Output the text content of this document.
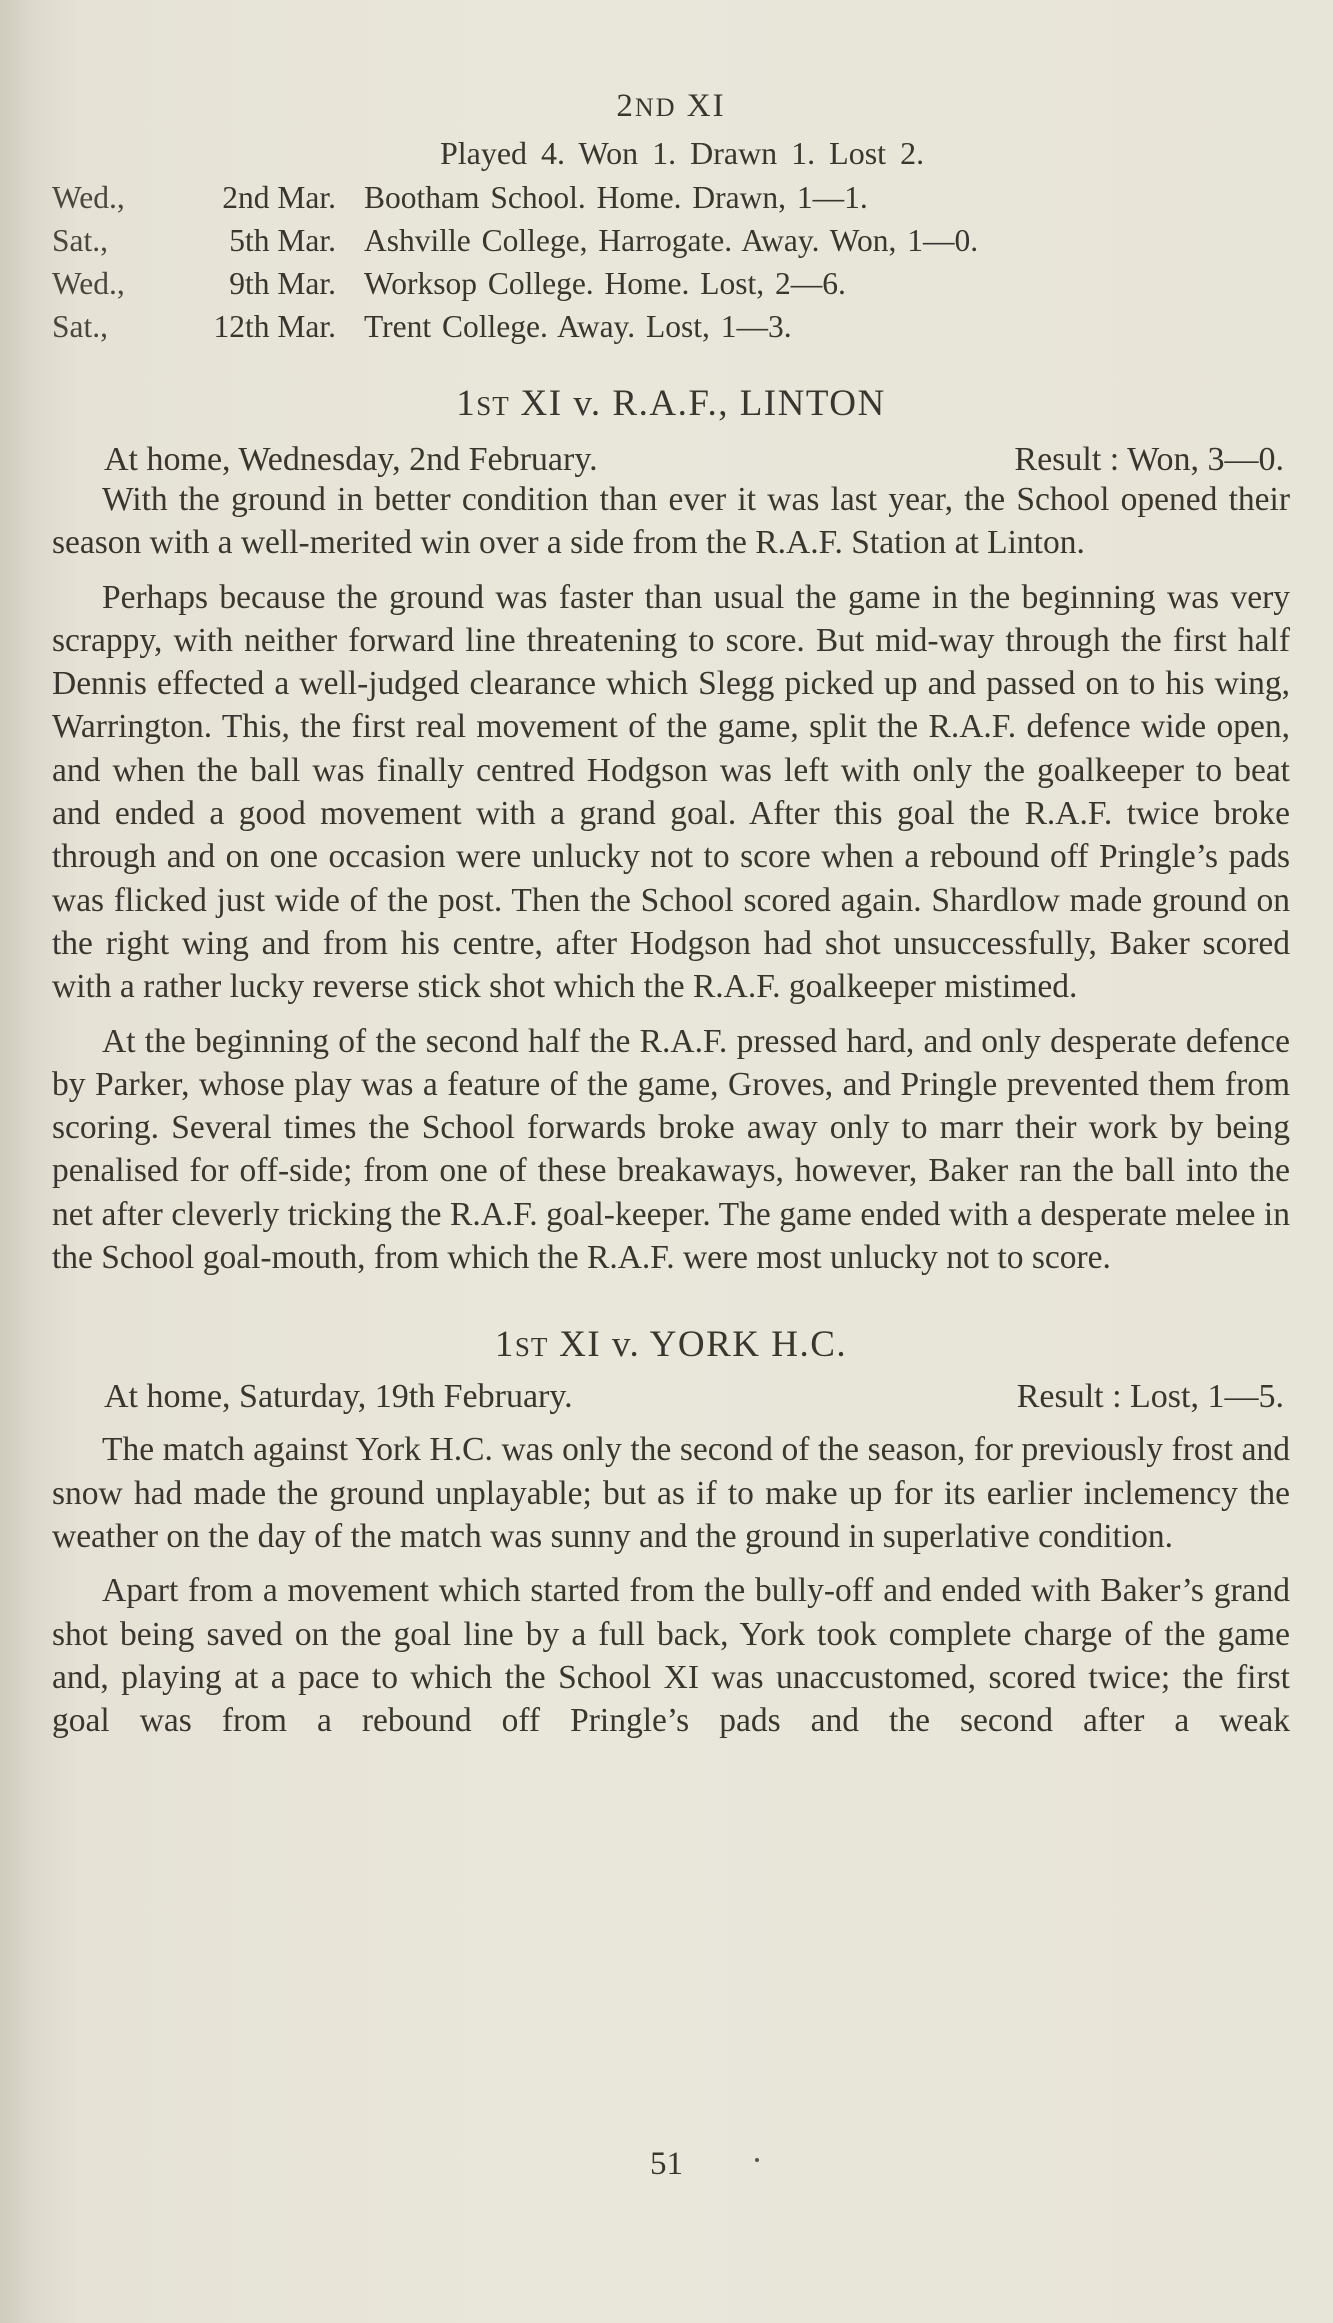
2ND XI
Played 4. Won 1. Drawn 1. Lost 2.
Wed.,	2nd Mar.	Bootham School. Home. Drawn, 1—1.
Sat.,	5th Mar.	Ashville College, Harrogate. Away. Won, 1—0.
Wed.,	9th Mar.	Worksop College. Home. Lost, 2—6.
Sat.,	12th Mar.	Trent College. Away. Lost, 1—3.
1ST XI v. R.A.F., LINTON
At home, Wednesday, 2nd February.	Result : Won, 3—0.

With the ground in better condition than ever it was last year, the School opened their season with a well-merited win over a side from the R.A.F. Station at Linton.

Perhaps because the ground was faster than usual the game in the beginning was very scrappy, with neither forward line threatening to score. But mid-way through the first half Dennis effected a well-judged clearance which Slegg picked up and passed on to his wing, Warrington. This, the first real movement of the game, split the R.A.F. defence wide open, and when the ball was finally centred Hodgson was left with only the goalkeeper to beat and ended a good movement with a grand goal. After this goal the R.A.F. twice broke through and on one occasion were unlucky not to score when a rebound off Pringle’s pads was flicked just wide of the post. Then the School scored again. Shardlow made ground on the right wing and from his centre, after Hodgson had shot unsuccessfully, Baker scored with a rather lucky reverse stick shot which the R.A.F. goalkeeper mistimed.

At the beginning of the second half the R.A.F. pressed hard, and only desperate defence by Parker, whose play was a feature of the game, Groves, and Pringle prevented them from scoring. Several times the School forwards broke away only to marr their work by being penalised for off-side; from one of these breakaways, however, Baker ran the ball into the net after cleverly tricking the R.A.F. goal-keeper. The game ended with a desperate melee in the School goal-mouth, from which the R.A.F. were most unlucky not to score.

1ST XI v. YORK H.C.
At home, Saturday, 19th February.	Result : Lost, 1—5.

The match against York H.C. was only the second of the season, for previously frost and snow had made the ground unplayable; but as if to make up for its earlier inclemency the weather on the day of the match was sunny and the ground in superlative condition.

Apart from a movement which started from the bully-off and ended with Baker’s grand shot being saved on the goal line by a full back, York took complete charge of the game and, playing at a pace to which the School XI was unaccustomed, scored twice; the first goal was from a rebound off Pringle’s pads and the second after a weak

51
